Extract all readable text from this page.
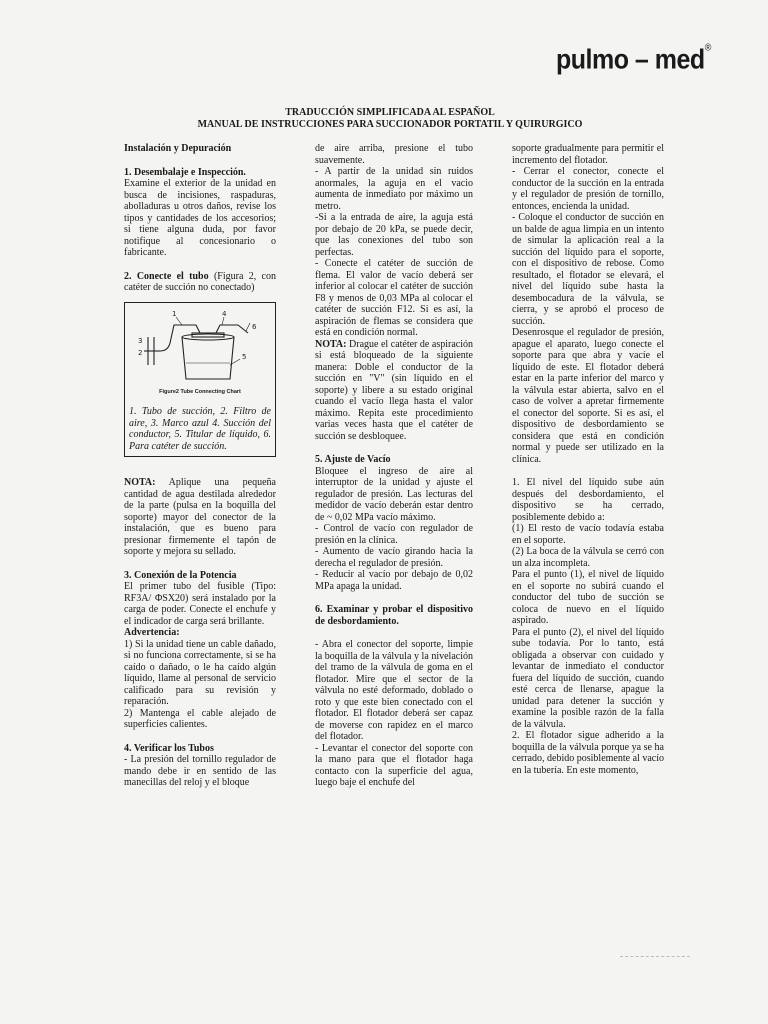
pulmo – med®
TRADUCCIÓN SIMPLIFICADA AL ESPAÑOL
MANUAL DE INSTRUCCIONES PARA SUCCIONADOR PORTATIL Y QUIRURGICO

Instalación y Depuración

1. Desembalaje e Inspección.

Examine el exterior de la unidad en busca de incisiones, raspaduras, abolladuras u otros daños, revise los tipos y cantidades de los accesorios; si tiene alguna duda, por favor notifique al concesionario o fabricante.

2. Conecte el tubo (Figura 2, con catéter de succión no conectado)

1
2
3
4
5
6
Figure2 Tube Connecting Chart

1. Tubo de succión, 2. Filtro de aire, 3. Marco azul 4. Succión del conductor, 5. Titular de líquido, 6. Para catéter de succión.

NOTA: Aplique una pequeña cantidad de agua destilada alrededor de la parte (pulsa en la boquilla del soporte) mayor del conector de la instalación, que es bueno para presionar firmemente el tapón de soporte y mejora su sellado.

3. Conexión de la Potencia

El primer tubo del fusible (Tipo: RF3A/ ΦSX20) será instalado por la carga de poder. Conecte el enchufe y el indicador de carga será brillante.

Advertencia:

1) Si la unidad tiene un cable dañado, si no funciona correctamente, si se ha caído o dañado, o le ha caído algún líquido, llame al personal de servicio calificado para su revisión y reparación.

2) Mantenga el cable alejado de superficies calientes.

4. Verificar los Tubos

- La presión del tornillo regulador de mando debe ir en sentido de las manecillas del reloj y el bloque

de aire arriba, presione el tubo suavemente.

- A partir de la unidad sin ruidos anormales, la aguja en el vacio aumenta de inmediato por máximo un metro.

-Si a la entrada de aire, la aguja está por debajo de 20 kPa, se puede decir, que las conexiones del tubo son perfectas.

- Conecte el catéter de succión de flema. El valor de vacío deberá ser inferior al colocar el catéter de succión F8 y menos de 0,03 MPa al colocar el catéter de succión F12. Si es así, la aspiración de flemas se considera que está en condición normal.

NOTA: Drague el catéter de aspiración si está bloqueado de la siguiente manera: Doble el conductor de la succión en "V" (sin líquido en el soporte) y libere a su estado original cuando el vacío llega hasta el valor máximo. Repita este procedimiento varias veces hasta que el catéter de succión se desbloquee.

5. Ajuste de Vacío

Bloquee el ingreso de aire al interruptor de la unidad y ajuste el regulador de presión. Las lecturas del medidor de vacío deberán estar dentro de ~ 0,02 MPa vacío máximo.

- Control de vacío con regulador de presión en la clínica.

- Aumento de vacío girando hacia la derecha el regulador de presión.

- Reducir al vacío por debajo de 0,02 MPa apaga la unidad.

6. Examinar y probar el dispositivo de desbordamiento.

- Abra el conector del soporte, limpie la boquilla de la válvula y la nivelación del tramo de la válvula de goma en el flotador. Mire que el sector de la válvula no esté deformado, doblado o roto y que este bien conectado con el flotador. El flotador deberá ser capaz de moverse con rapidez en el marco del flotador.

- Levantar el conector del soporte con la mano para que el flotador haga contacto con la superficie del agua, luego baje el enchufe del

soporte gradualmente para permitir el incremento del flotador.

- Cerrar el conector, conecte el conductor de la succión en la entrada y el regulador de presión de tornillo, entonces, encienda la unidad.

- Coloque el conductor de succión en un balde de agua limpia en un intento de simular la aplicación real a la succión del líquido para el soporte, con el dispositivo de rebose. Como resultado, el flotador se elevará, el nivel del líquido sube hasta la desembocadura de la válvula, se cierra, y se aprobó el proceso de succión.

Desenrosque el regulador de presión, apague el aparato, luego conecte el soporte para que abra y vacíe el líquido de este. El flotador deberá estar en la parte inferior del marco y la válvula estar abierta, salvo en el caso de volver a apretar firmemente el conector del soporte. Si es así, el dispositivo de desbordamiento se considera que está en condición normal y puede ser utilizado en la clínica.

1. El nivel del líquido sube aún después del desbordamiento, el dispositivo se ha cerrado, posiblemente debido a:

(1) El resto de vacío todavía estaba en el soporte.

(2) La boca de la válvula se cerró con un alza incompleta.

Para el punto (1), el nivel de líquido en el soporte no subirá cuando el conductor del tubo de succión se coloca de nuevo en el líquido aspirado.

Para el punto (2), el nivel del líquido sube todavía. Por lo tanto, está obligada a observar con cuidado y levantar de inmediato el conductor fuera del líquido de succión, cuando esté cerca de llenarse, apague la unidad para detener la succión y examine la posible razón de la falla de la válvula.

2. El flotador sigue adherido a la boquilla de la válvula porque ya se ha cerrado, debido posiblemente al vacío en la tubería. En este momento,
